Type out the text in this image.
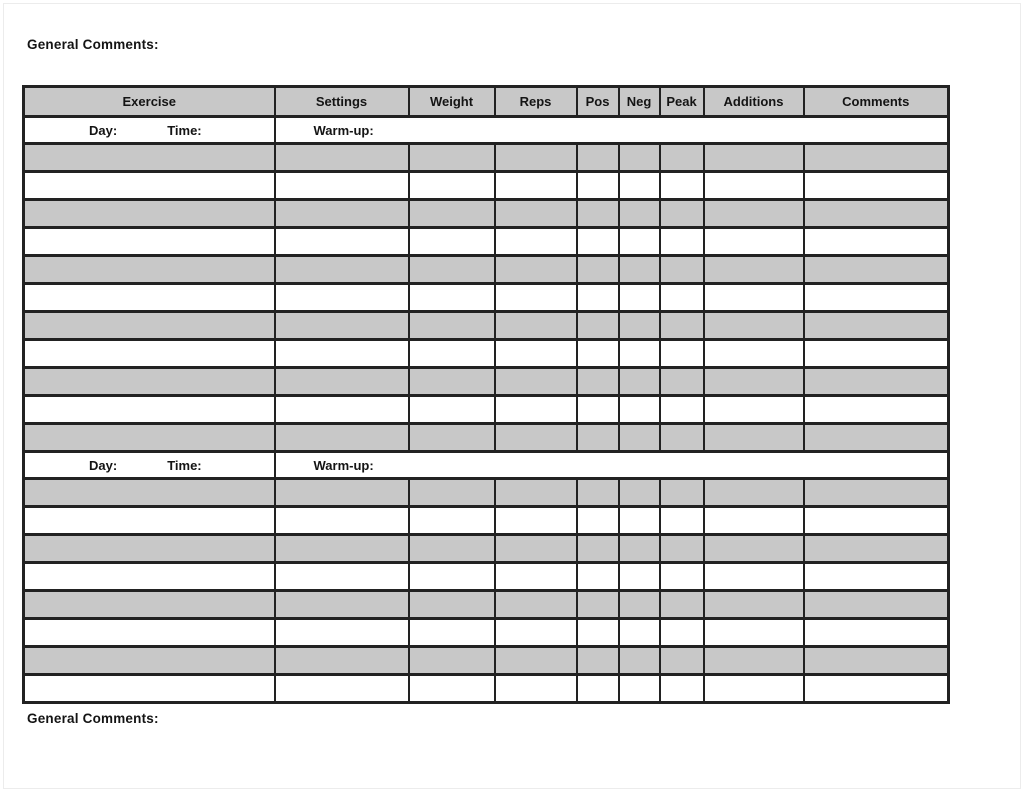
General Comments:
Exercise	Settings	Weight	Reps	Pos	Neg	Peak	Additions	Comments
Day: Time:	Warm-up:							

Day: Time:	Warm-up:							

General Comments:
